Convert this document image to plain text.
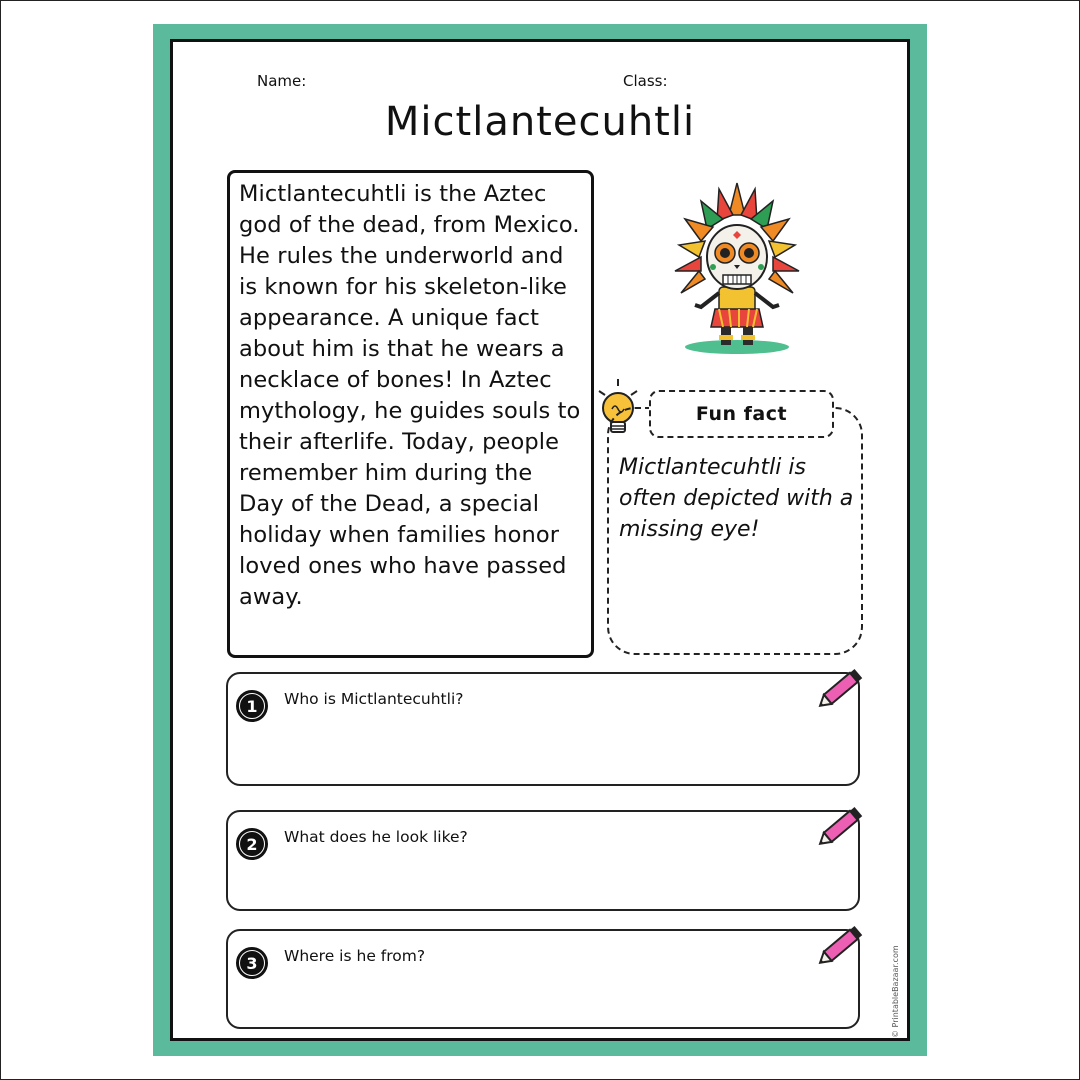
Name:	Class:
Mictlantecuhtli

Mictlantecuhtli is the Aztec god of the dead, from Mexico. He rules the underworld and is known for his skeleton-like appearance. A unique fact about him is that he wears a necklace of bones! In Aztec mythology, he guides souls to their afterlife. Today, people remember him during the Day of the Dead, a special holiday when families honor loved ones who have passed away.

Fun fact

Mictlantecuhtli is often depicted with a missing eye!

1	Who is Mictlantecuhtli?
2	What does he look like?
3	Where is he from?	© PrintableBazaar.com
